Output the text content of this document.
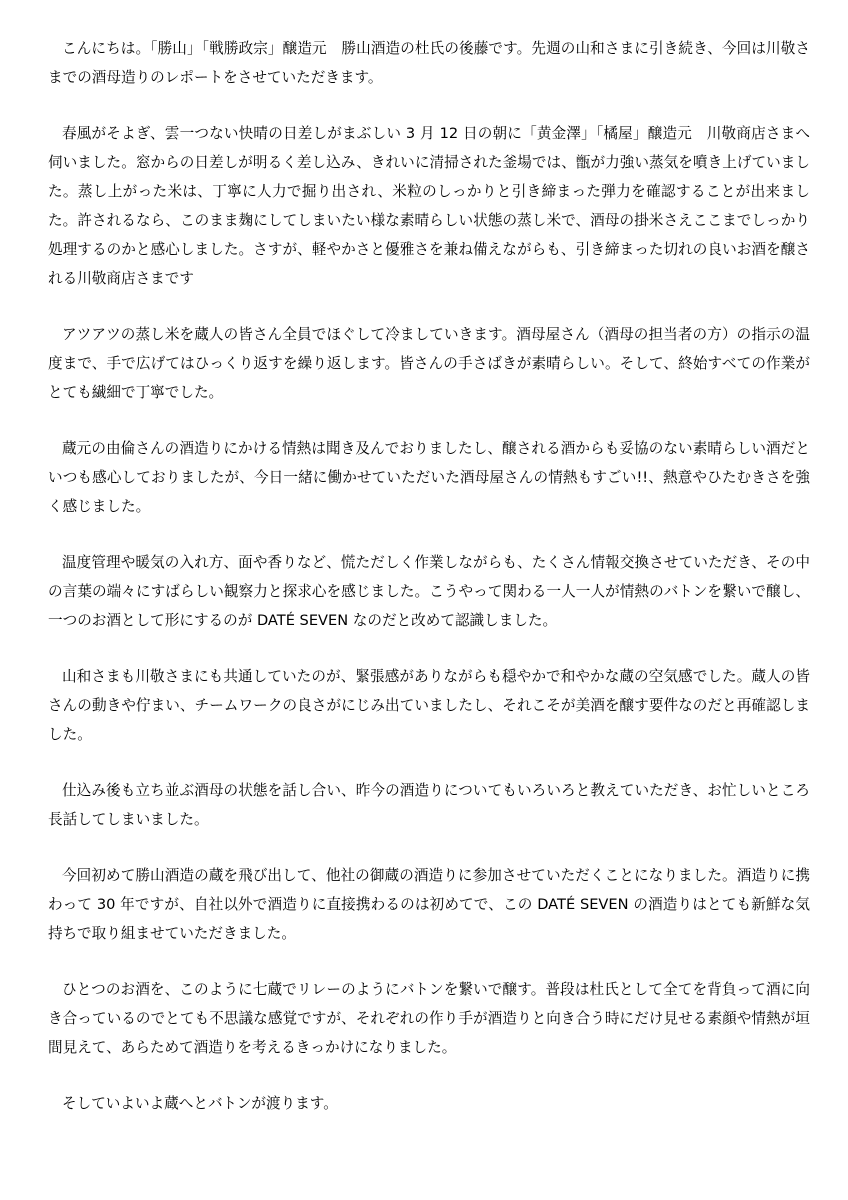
こんにちは。「勝山」「戦勝政宗」醸造元　勝山酒造の杜氏の後藤です。先週の山和さまに引き続き、今回は川敬さまでの酒母造りのレポートをさせていただきます。

春風がそよぎ、雲一つない快晴の日差しがまぶしい 3 月 12 日の朝に「黄金澤」「橘屋」醸造元　川敬商店さまへ伺いました。窓からの日差しが明るく差し込み、きれいに清掃された釜場では、甑が力強い蒸気を噴き上げていました。蒸し上がった米は、丁寧に人力で掘り出され、米粒のしっかりと引き締まった弾力を確認することが出来ました。許されるなら、このまま麹にしてしまいたい様な素晴らしい状態の蒸し米で、酒母の掛米さえここまでしっかり処理するのかと感心しました。さすが、軽やかさと優雅さを兼ね備えながらも、引き締まった切れの良いお酒を醸される川敬商店さまです

アツアツの蒸し米を蔵人の皆さん全員でほぐして冷ましていきます。酒母屋さん（酒母の担当者の方）の指示の温度まで、手で広げてはひっくり返すを繰り返します。皆さんの手さばきが素晴らしい。そして、終始すべての作業がとても繊細で丁寧でした。

蔵元の由倫さんの酒造りにかける情熱は聞き及んでおりましたし、醸される酒からも妥協のない素晴らしい酒だといつも感心しておりましたが、今日一緒に働かせていただいた酒母屋さんの情熱もすごい!!、熱意やひたむきさを強く感じました。

温度管理や暖気の入れ方、面や香りなど、慌ただしく作業しながらも、たくさん情報交換させていただき、その中の言葉の端々にすばらしい観察力と探求心を感じました。こうやって関わる一人一人が情熱のバトンを繋いで醸し、一つのお酒として形にするのが DATÉ SEVEN なのだと改めて認識しました。

山和さまも川敬さまにも共通していたのが、緊張感がありながらも穏やかで和やかな蔵の空気感でした。蔵人の皆さんの動きや佇まい、チームワークの良さがにじみ出ていましたし、それこそが美酒を醸す要件なのだと再確認しました。

仕込み後も立ち並ぶ酒母の状態を話し合い、昨今の酒造りについてもいろいろと教えていただき、お忙しいところ長話してしまいました。

今回初めて勝山酒造の蔵を飛び出して、他社の御蔵の酒造りに参加させていただくことになりました。酒造りに携わって 30 年ですが、自社以外で酒造りに直接携わるのは初めてで、この DATÉ SEVEN の酒造りはとても新鮮な気持ちで取り組ませていただきました。

ひとつのお酒を、このように七蔵でリレーのようにバトンを繋いで醸す。普段は杜氏として全てを背負って酒に向き合っているのでとても不思議な感覚ですが、それぞれの作り手が酒造りと向き合う時にだけ見せる素顔や情熱が垣間見えて、あらためて酒造りを考えるきっかけになりました。

そしていよいよ蔵へとバトンが渡ります。
